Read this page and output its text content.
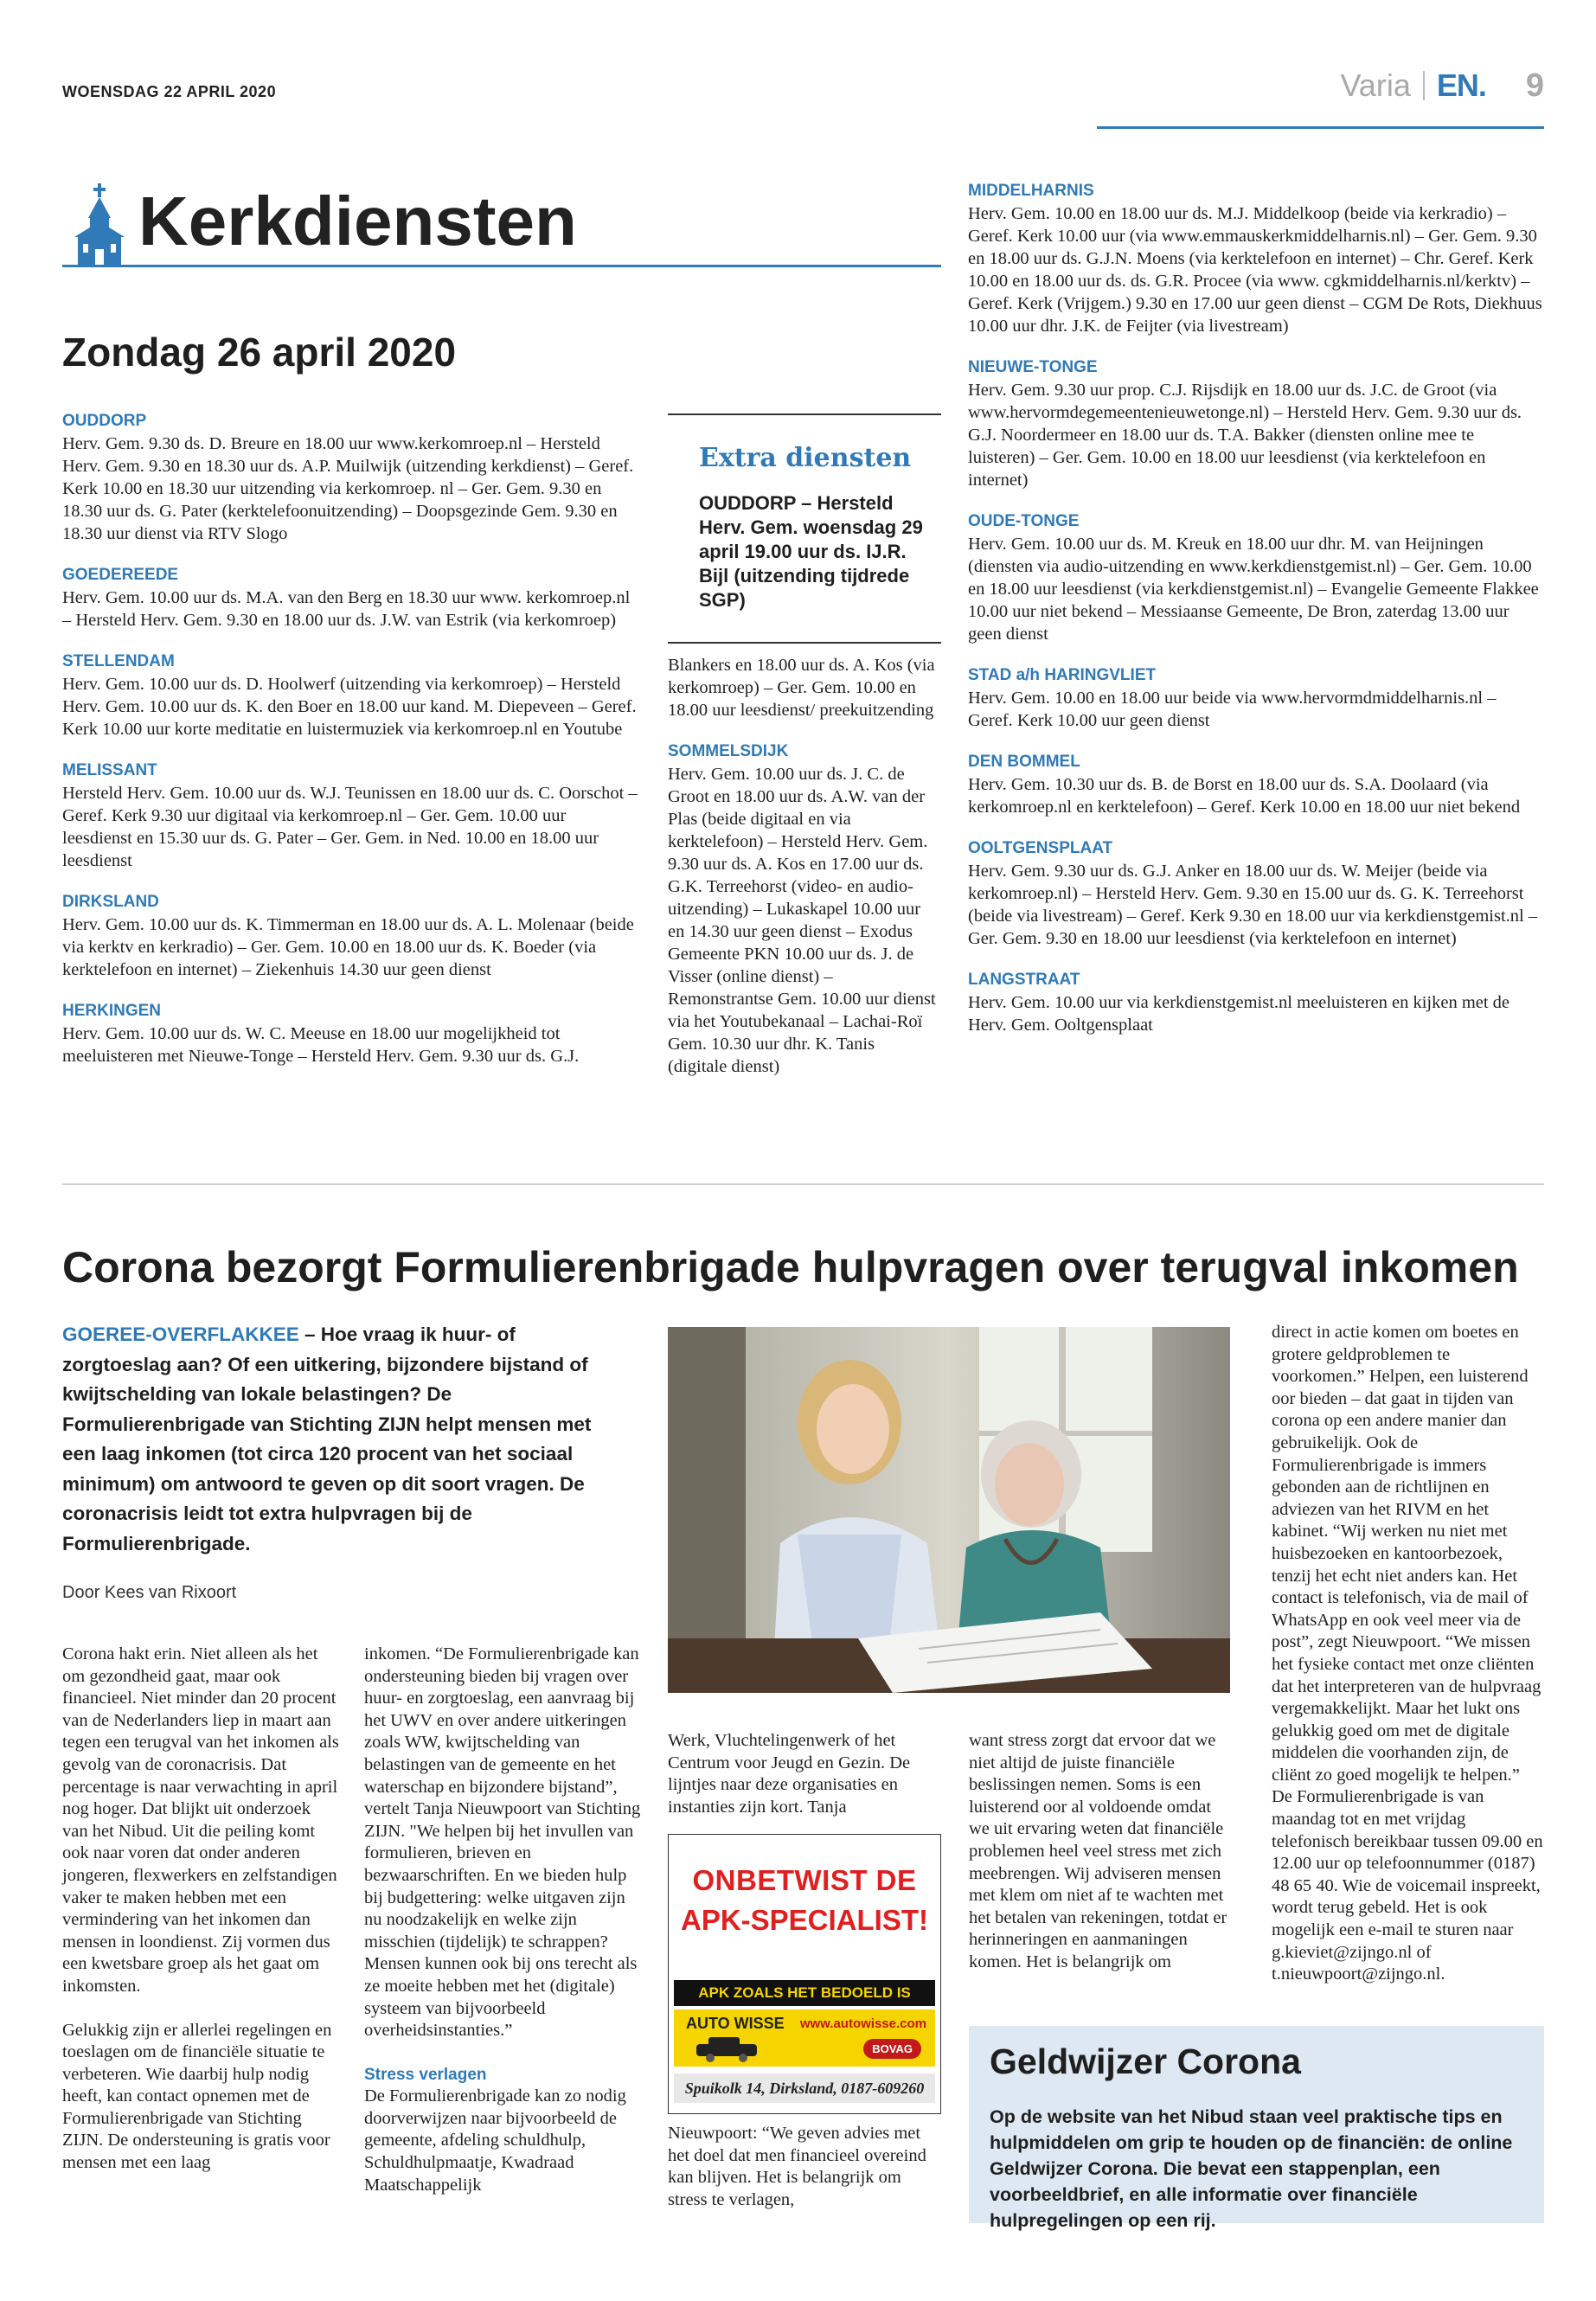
WOENSDAG 22 APRIL 2020	Varia EN. 9
Kerkdiensten
Zondag 26 april 2020
OUDDORP

Herv. Gem. 9.30 ds. D. Breure en 18.00 uur www.kerkomroep.nl – Hersteld Herv. Gem. 9.30 en 18.30 uur ds. A.P. Muilwijk (uitzending kerkdienst) – Geref. Kerk 10.00 en 18.30 uur uitzending via kerkomroep. nl – Ger. Gem. 9.30 en 18.30 uur ds. G. Pater (kerktelefoonuitzending) – Doopsgezinde Gem. 9.30 en 18.30 uur dienst via RTV Slogo

GOEDEREEDE

Herv. Gem. 10.00 uur ds. M.A. van den Berg en 18.30 uur www. kerkomroep.nl – Hersteld Herv. Gem. 9.30 en 18.00 uur ds. J.W. van Estrik (via kerkomroep)

STELLENDAM

Herv. Gem. 10.00 uur ds. D. Hoolwerf (uitzending via kerkomroep) – Hersteld Herv. Gem. 10.00 uur ds. K. den Boer en 18.00 uur kand. M. Diepeveen – Geref. Kerk 10.00 uur korte meditatie en luistermuziek via kerkomroep.nl en Youtube

MELISSANT

Hersteld Herv. Gem. 10.00 uur ds. W.J. Teunissen en 18.00 uur ds. C. Oorschot – Geref. Kerk 9.30 uur digitaal via kerkomroep.nl – Ger. Gem. 10.00 uur leesdienst en 15.30 uur ds. G. Pater – Ger. Gem. in Ned. 10.00 en 18.00 uur leesdienst

DIRKSLAND

Herv. Gem. 10.00 uur ds. K. Timmerman en 18.00 uur ds. A. L. Molenaar (beide via kerktv en kerkradio) – Ger. Gem. 10.00 en 18.00 uur ds. K. Boeder (via kerktelefoon en internet) – Ziekenhuis 14.30 uur geen dienst

HERKINGEN

Herv. Gem. 10.00 uur ds. W. C. Meeuse en 18.00 uur mogelijkheid tot meeluisteren met Nieuwe-Tonge – Hersteld Herv. Gem. 9.30 uur ds. G.J.

Extra diensten
OUDDORP – Hersteld Herv. Gem. woensdag 29 april 19.00 uur ds. IJ.R. Bijl (uitzending tijdrede SGP)

Blankers en 18.00 uur ds. A. Kos (via kerkomroep) – Ger. Gem. 10.00 en 18.00 uur leesdienst/ preekuitzending

SOMMELSDIJK

Herv. Gem. 10.00 uur ds. J. C. de Groot en 18.00 uur ds. A.W. van der Plas (beide digitaal en via kerktelefoon) – Hersteld Herv. Gem. 9.30 uur ds. A. Kos en 17.00 uur ds. G.K. Terreehorst (video- en audio-uitzending) – Lukaskapel 10.00 uur en 14.30 uur geen dienst – Exodus Gemeente PKN 10.00 uur ds. J. de Visser (online dienst) – Remonstrantse Gem. 10.00 uur dienst via het Youtubekanaal – Lachai-Roï Gem. 10.30 uur dhr. K. Tanis (digitale dienst)

MIDDELHARNIS

Herv. Gem. 10.00 en 18.00 uur ds. M.J. Middelkoop (beide via kerkradio) – Geref. Kerk 10.00 uur (via www.emmauskerkmiddelharnis.nl) – Ger. Gem. 9.30 en 18.00 uur ds. G.J.N. Moens (via kerktelefoon en internet) – Chr. Geref. Kerk 10.00 en 18.00 uur ds. ds. G.R. Procee (via www. cgkmiddelharnis.nl/kerktv) – Geref. Kerk (Vrijgem.) 9.30 en 17.00 uur geen dienst – CGM De Rots, Diekhuus 10.00 uur dhr. J.K. de Feijter (via livestream)

NIEUWE-TONGE

Herv. Gem. 9.30 uur prop. C.J. Rijsdijk en 18.00 uur ds. J.C. de Groot (via www.hervormdegemeentenieuwetonge.nl) – Hersteld Herv. Gem. 9.30 uur ds. G.J. Noordermeer en 18.00 uur ds. T.A. Bakker (diensten online mee te luisteren) – Ger. Gem. 10.00 en 18.00 uur leesdienst (via kerktelefoon en internet)

OUDE-TONGE

Herv. Gem. 10.00 uur ds. M. Kreuk en 18.00 uur dhr. M. van Heijningen (diensten via audio-uitzending en www.kerkdienstgemist.nl) – Ger. Gem. 10.00 en 18.00 uur leesdienst (via kerkdienstgemist.nl) – Evangelie Gemeente Flakkee 10.00 uur niet bekend – Messiaanse Gemeente, De Bron, zaterdag 13.00 uur geen dienst

STAD a/h HARINGVLIET

Herv. Gem. 10.00 en 18.00 uur beide via www.hervormdmiddelharnis.nl – Geref. Kerk 10.00 uur geen dienst

DEN BOMMEL

Herv. Gem. 10.30 uur ds. B. de Borst en 18.00 uur ds. S.A. Doolaard (via kerkomroep.nl en kerktelefoon) – Geref. Kerk 10.00 en 18.00 uur niet bekend

OOLTGENSPLAAT

Herv. Gem. 9.30 uur ds. G.J. Anker en 18.00 uur ds. W. Meijer (beide via kerkomroep.nl) – Hersteld Herv. Gem. 9.30 en 15.00 uur ds. G. K. Terreehorst (beide via livestream) – Geref. Kerk 9.30 en 18.00 uur via kerkdienstgemist.nl – Ger. Gem. 9.30 en 18.00 uur leesdienst (via kerktelefoon en internet)

LANGSTRAAT

Herv. Gem. 10.00 uur via kerkdienstgemist.nl meeluisteren en kijken met de Herv. Gem. Ooltgensplaat

Corona bezorgt Formulierenbrigade hulpvragen over terugval inkomen
GOEREE-OVERFLAKKEE – Hoe vraag ik huur- of zorgtoeslag aan? Of een uitkering, bijzondere bijstand of kwijtschelding van lokale belastingen? De Formulierenbrigade van Stichting ZIJN helpt mensen met een laag inkomen (tot circa 120 procent van het sociaal minimum) om antwoord te geven op dit soort vragen. De coronacrisis leidt tot extra hulpvragen bij de Formulierenbrigade.
Door Kees van Rixoort

Corona hakt erin. Niet alleen als het om gezondheid gaat, maar ook financieel. Niet minder dan 20 procent van de Nederlanders liep in maart aan tegen een terugval van het inkomen als gevolg van de coronacrisis. Dat percentage is naar verwachting in april nog hoger. Dat blijkt uit onderzoek van het Nibud. Uit die peiling komt ook naar voren dat onder anderen jongeren, flexwerkers en zelfstandigen vaker te maken hebben met een vermindering van het inkomen dan mensen in loondienst. Zij vormen dus een kwetsbare groep als het gaat om inkomsten.

Gelukkig zijn er allerlei regelingen en toeslagen om de financiële situatie te verbeteren. Wie daarbij hulp nodig heeft, kan contact opnemen met de Formulierenbrigade van Stichting ZIJN. De ondersteuning is gratis voor mensen met een laag

inkomen. “De Formulierenbrigade kan ondersteuning bieden bij vragen over huur- en zorgtoeslag, een aanvraag bij het UWV en over andere uitkeringen zoals WW, kwijtschelding van belastingen van de gemeente en het waterschap en bijzondere bijstand”, vertelt Tanja Nieuwpoort van Stichting ZIJN. "We helpen bij het invullen van formulieren, brieven en bezwaarschriften. En we bieden hulp bij budgettering: welke uitgaven zijn nu noodzakelijk en welke zijn misschien (tijdelijk) te schrappen? Mensen kunnen ook bij ons terecht als ze moeite hebben met het (digitale) systeem van bijvoorbeeld overheidsinstanties.”

Stress verlagen

De Formulierenbrigade kan zo nodig doorverwijzen naar bijvoorbeeld de gemeente, afdeling schuldhulp, Schuldhulpmaatje, Kwadraad Maatschappelijk

Werk, Vluchtelingenwerk of het Centrum voor Jeugd en Gezin. De lijntjes naar deze organisaties en instanties zijn kort. Tanja

ONBETWIST DE
APK-SPECIALIST!
APK ZOALS HET BEDOELD IS
AUTO WISSE www.autowisse.com
BOVAG
Spuikolk 14, Dirksland, 0187-609260

Nieuwpoort: “We geven advies met het doel dat men financieel overeind kan blijven. Het is belangrijk om stress te verlagen,

want stress zorgt dat ervoor dat we niet altijd de juiste financiële beslissingen nemen. Soms is een luisterend oor al voldoende omdat we uit ervaring weten dat financiële problemen heel veel stress met zich meebrengen. Wij adviseren mensen met klem om niet af te wachten met het betalen van rekeningen, totdat er herinneringen en aanmaningen komen. Het is belangrijk om

direct in actie komen om boetes en grotere geldproblemen te voorkomen.” Helpen, een luisterend oor bieden – dat gaat in tijden van corona op een andere manier dan gebruikelijk. Ook de Formulierenbrigade is immers gebonden aan de richtlijnen en adviezen van het RIVM en het kabinet. “Wij werken nu niet met huisbezoeken en kantoorbezoek, tenzij het echt niet anders kan. Het contact is telefonisch, via de mail of WhatsApp en ook veel meer via de post”, zegt Nieuwpoort. “We missen het fysieke contact met onze cliënten dat het interpreteren van de hulpvraag vergemakkelijkt. Maar het lukt ons gelukkig goed om met de digitale middelen die voorhanden zijn, de cliënt zo goed mogelijk te helpen.” De Formulierenbrigade is van maandag tot en met vrijdag telefonisch bereikbaar tussen 09.00 en 12.00 uur op telefoonnummer (0187) 48 65 40. Wie de voicemail inspreekt, wordt terug gebeld. Het is ook mogelijk een e-mail te sturen naar g.kieviet@zijngo.nl of t.nieuwpoort@zijngo.nl.

Geldwijzer Corona
Op de website van het Nibud staan veel praktische tips en hulpmiddelen om grip te houden op de financiën: de online Geldwijzer Corona. Die bevat een stappenplan, een voorbeeldbrief, en alle informatie over financiële hulpregelingen op een rij.
